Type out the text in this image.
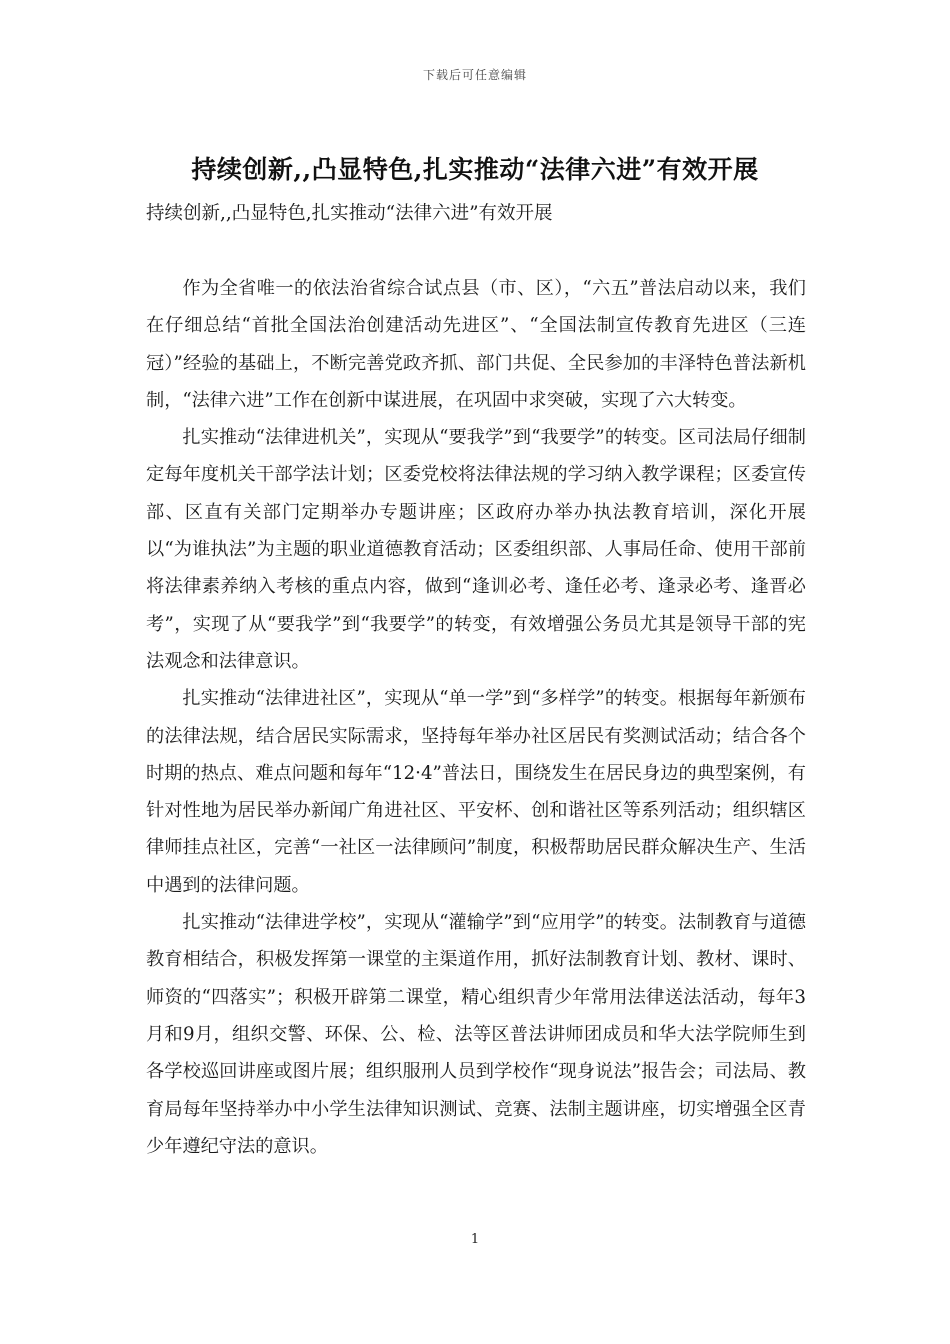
下载后可任意编辑
持续创新,,凸显特色,扎实推动“法律六进”有效开展
持续创新,,凸显特色,扎实推动“法律六进”有效开展

作为全省唯一的依法治省综合试点县（市、区），“六五”普法启动以来，我们在仔细总结“首批全国法治创建活动先进区”、“全国法制宣传教育先进区（三连冠）”经验的基础上，不断完善党政齐抓、部门共促、全民参加的丰泽特色普法新机制，“法律六进”工作在创新中谋进展，在巩固中求突破，实现了六大转变。

扎实推动“法律进机关”，实现从“要我学”到“我要学”的转变。区司法局仔细制定每年度机关干部学法计划；区委党校将法律法规的学习纳入教学课程；区委宣传部、区直有关部门定期举办专题讲座；区政府办举办执法教育培训，深化开展以“为谁执法”为主题的职业道德教育活动；区委组织部、人事局任命、使用干部前将法律素养纳入考核的重点内容，做到“逢训必考、逢任必考、逢录必考、逢晋必考”，实现了从“要我学”到“我要学”的转变，有效增强公务员尤其是领导干部的宪法观念和法律意识。

扎实推动“法律进社区”，实现从“单一学”到“多样学”的转变。根据每年新颁布的法律法规，结合居民实际需求，坚持每年举办社区居民有奖测试活动；结合各个时期的热点、难点问题和每年“12·4”普法日，围绕发生在居民身边的典型案例，有针对性地为居民举办新闻广角进社区、平安杯、创和谐社区等系列活动；组织辖区律师挂点社区，完善“一社区一法律顾问”制度，积极帮助居民群众解决生产、生活中遇到的法律问题。

扎实推动“法律进学校”，实现从“灌输学”到“应用学”的转变。法制教育与道德教育相结合，积极发挥第一课堂的主渠道作用，抓好法制教育计划、教材、课时、师资的“四落实”；积极开辟第二课堂，精心组织青少年常用法律送法活动，每年3月和9月，组织交警、环保、公、检、法等区普法讲师团成员和华大法学院师生到各学校巡回讲座或图片展；组织服刑人员到学校作“现身说法”报告会；司法局、教育局每年坚持举办中小学生法律知识测试、竞赛、法制主题讲座，切实增强全区青少年遵纪守法的意识。

1
